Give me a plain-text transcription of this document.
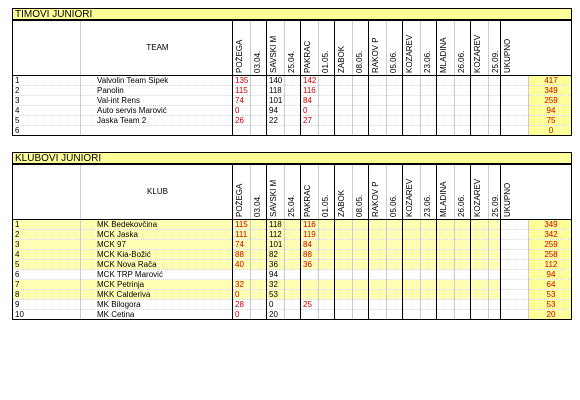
TIMOVI JUNIORI
	TEAM	POŽEGA	03.04.	SAVSKI M	25.04.	PAKRAC	01.05.	ZABOK	08.05.	RAKOV P	05.06.	KOZAREV	23.06.	MLADINA	26.06.	KOZAREV	25.09.	UKUPNO	
1	Valvolin Team Sipek	135		140		142													417
2	Panolin	115		118		116													349
3	Val-int Rens	74		101		84													259
4	Auto servis Marović	0		94		0													94
5	Jaska Team 2	26		22		27													75
6																			0
KLUBOVI JUNIORI
	KLUB	POŽEGA	03.04.	SAVSKI M	25.04.	PAKRAC	01.05.	ZABOK	08.05.	RAKOV P	05.06.	KOZAREV	23.06.	MLADINA	26.06.	KOZAREV	25.09.	UKUPNO	
1	MK Bedekovčina	115		118		116													349
2	MCK Jaska	111		112		119													342
3	MCK 97	74		101		84													259
4	MCK Kia-Božić	88		82		88													258
5	MCK Nova Rača	40		36		36													112
6	MCK TRP Marović			94															94
7	MCK Petrinja	32		32															64
8	MKK Calderiva	0		53															53
9	MK Bilogora	28		0		25													53
10	MK Cetina	0		20															20
